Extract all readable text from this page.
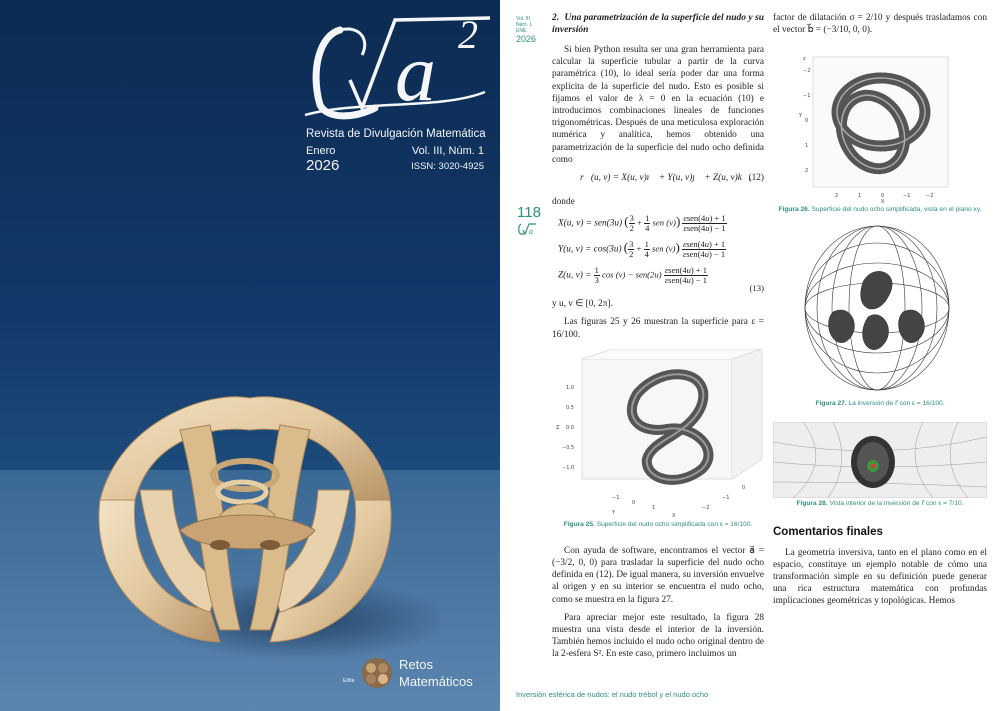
a 2
Revista de Divulgación Matemática
Enero
2026
Vol. III, Núm. 1
ISSN: 3020-4925
Edita
Retos
Matemáticos
Vol. III
Núm. 1
ENE.
2026
118
a
2. Una parametrización de la superficie del nudo y su inversión

Si bien Python resulta ser una gran herramienta para calcular la superficie tubular a partir de la curva paramétrica (10), lo ideal sería poder dar una forma explícita de la superficie del nudo. Esto es posible si fijamos el valor de λ = 0 en la ecuación (10) e introducimos combinaciones lineales de funciones trigonométricas. Después de una meticulosa exploración numérica y analítica, hemos obtenido una parametrización de la superficie del nudo ocho definida como

r⃗(u, v) = X(u, v)ı⃗ + Y(u, v)ȷ⃗ + Z(u, v)k⃗,
(12)
donde
X(u, v) = sen(3u) ( $\frac{3}{2} + \frac{1}{4}$ sen $(v)) \frac{\text{εsen(4u) + 1}}{\text{εsen(4u) − 1}}$
Y(u, v) = cos(3u) ( $\frac{3}{2} + \frac{1}{4}$ sen $(v)) \frac{\text{εsen(4u) + 1}}{\text{εsen(4u) − 1}}$
Z(u, $v) = \frac{1}{3}$ $\cos (v) - sen(2u) \frac{\text{εsen(4u) + 1}}{\text{εsen(4u) − 1}}$
(13)
y u, v ∈ [0, 2π].

Las figuras 25 y 26 muestran la superficie para ε = 16/100.

1.0
0.5
0.0
−0.5
−1.0
Z
−1
0
1	−2
−1
0
X
Y
Figura 25. Superficie del nudo ocho simplificada con ε = 16/100.

Con ayuda de software, encontramos el vector a⃗ = (−3/2, 0, 0) para trasladar la superficie del nudo ocho definida en (12). De igual manera, su inversión envuelve al origen y en su interior se encuentra el nudo ocho, como se muestra en la figura 27.

Para apreciar mejor este resultado, la figura 28 muestra una vista desde el interior de la inversión. También hemos incluido el nudo ocho original dentro de la 2-esfera S². En este caso, primero incluimos un

factor de dilatación σ = 2/10 y después trasladamos con el vector b⃗ = (−3/10, 0, 0).

z
−2
−1
0
1
2
Y
2	1	0	−1	−2
X
Figura 26. Superficie del nudo ocho simplificada, vista en el plano xy.
Figura 27. La inversión de r⃗ con ε = 16/100.
Figura 28. Vista interior de la inversión de r⃗ con ε = 7/10.
Comentarios finales

La geometría inversiva, tanto en el plano como en el espacio, constituye un ejemplo notable de cómo una transformación simple en su definición puede generar una rica estructura matemática con profundas implicaciones geométricas y topológicas. Hemos

Inversión esférica de nudos: el nudo trébol y el nudo ocho
